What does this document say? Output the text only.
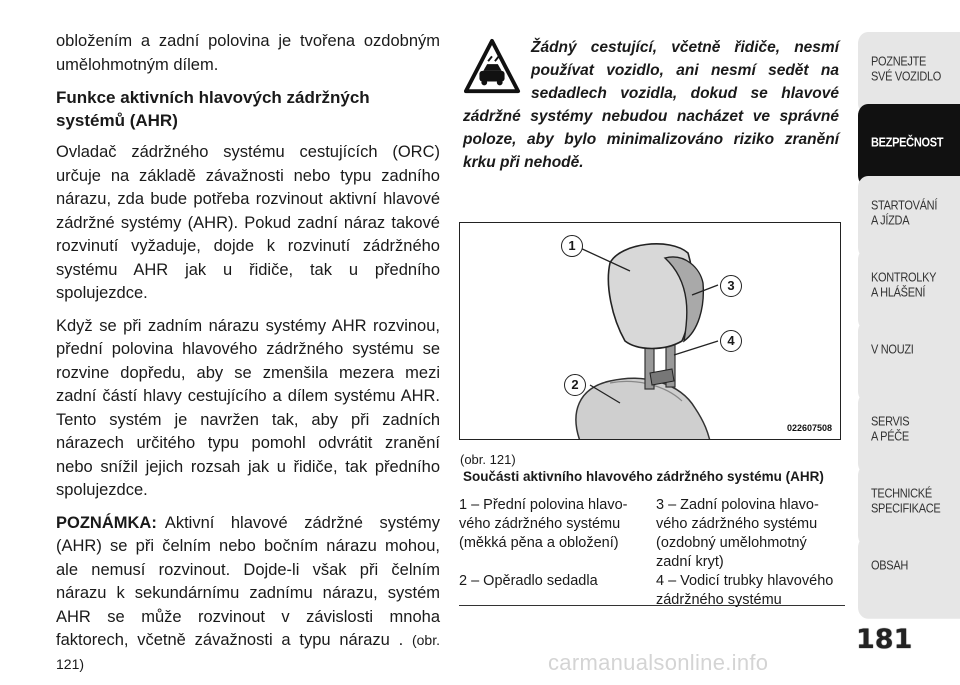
obložením a zadní polovina je tvořena ozdobným umělohmotným dílem.

Funkce aktivních hlavových zádržných systémů (AHR)

Ovladač zádržného systému cestujících (ORC) určuje na základě závažnosti nebo typu zadního nárazu, zda bude potřeba rozvinout aktivní hlavové zádržné systémy (AHR). Pokud zadní náraz takové rozvinutí vyžaduje, dojde k rozvinutí zádržného systému AHR jak u řidiče, tak u předního spolujezdce.

Když se při zadním nárazu systémy AHR rozvinou, přední polovina hlavového zádržného systému se rozvine dopředu, aby se zmenšila mezera mezi zadní částí hlavy cestujícího a dílem systému AHR. Tento systém je navržen tak, aby při zadních nárazech určitého typu pomohl odvrátit zranění nebo snížil jejich rozsah jak u řidiče, tak předního spolujezdce.

POZNÁMKA: Aktivní hlavové zádržné systémy (AHR) se při čelním nebo bočním nárazu mohou, ale nemusí rozvinout. Dojde-li však při čelním nárazu k sekundárnímu zadnímu nárazu, systém AHR se může rozvinout v závislosti mnoha faktorech, včetně závažnosti a typu nárazu . (obr. 121)

Žádný cestující, včetně řidiče, nesmí používat vozidlo, ani nesmí sedět na sedadlech vozidla, dokud se hlavové zádržné systémy nebudou nacházet ve správné poloze, aby bylo minimalizováno riziko zranění krku při nehodě.
1
2
3
4
022607508
(obr. 121)
Součásti aktivního hlavového zádržného systému (AHR)
1 – Přední polovina hlavo-
vého zádržného systému
(měkká pěna a obložení)
3 – Zadní polovina hlavo-
vého zádržného systému
(ozdobný umělohmotný
zadní kryt)
2 – Opěradlo sedadla	4 – Vodicí trubky hlavového
zádržného systému
POZNEJTE
SVÉ VOZIDLO
BEZPEČNOST
STARTOVÁNÍ
A JÍZDA
KONTROLKY
A HLÁŠENÍ
V NOUZI
SERVIS
A PÉČE
TECHNICKÉ
SPECIFIKACE
OBSAH
181
carmanualsonline.info
